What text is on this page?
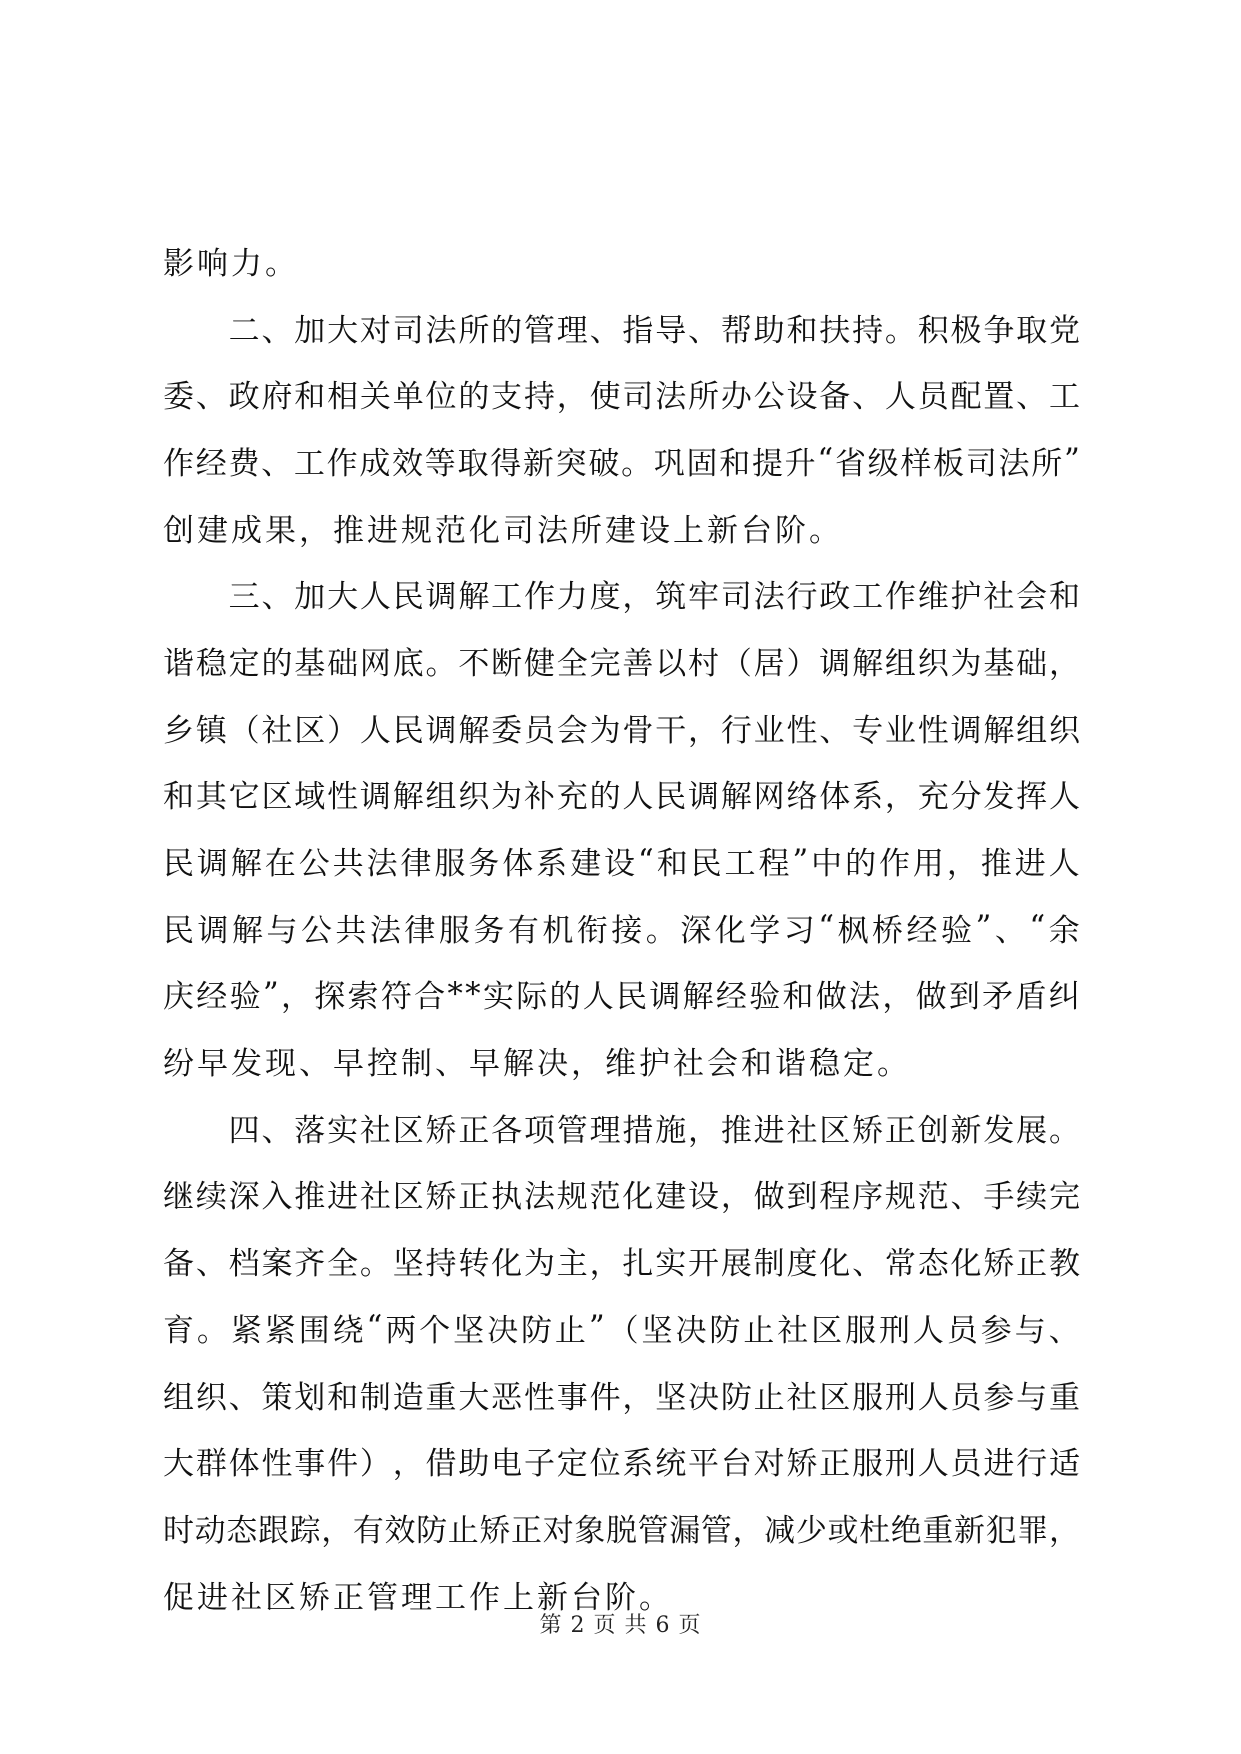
影响力。

二 、 加 大 对 司 法 所 的 管 理 、 指 导 、 帮 助 和 扶 持 。 积 极 争 取 党
委 、 政 府 和 相 关 单 位 的 支 持 ， 使 司 法 所 办 公 设 备 、 人 员 配 置 、 工
作 经 费 、 工 作 成 效 等 取 得 新 突 破 。 巩 固 和 提 升 “ 省 级 样 板 司 法 所 ”
创建成果，推进规范化司法所建设上新台阶。

三 、 加 大 人 民 调 解 工 作 力 度 ， 筑 牢 司 法 行 政 工 作 维 护 社 会 和
谐 稳 定 的 基 础 网 底 。 不 断 健 全 完 善 以 村 （ 居 ） 调 解 组 织 为 基 础 ，
乡 镇 （ 社 区 ） 人 民 调 解 委 员 会 为 骨 干 ， 行 业 性 、 专 业 性 调 解 组 织
和 其 它 区 域 性 调 解 组 织 为 补 充 的 人 民 调 解 网 络 体 系 ， 充 分 发 挥 人
民 调 解 在 公 共 法 律 服 务 体 系 建 设 “ 和 民 工 程 ” 中 的 作 用 ， 推 进 人
民 调 解 与 公 共 法 律 服 务 有 机 衔 接 。 深 化 学 习 “ 枫 桥 经 验 ” 、 “ 余
庆 经 验 ” ， 探 索 符 合 * * 实 际 的 人 民 调 解 经 验 和 做 法 ， 做 到 矛 盾 纠
纷早发现、早控制、早解决，维护社会和谐稳定。

四 、 落 实 社 区 矫 正 各 项 管 理 措 施 ， 推 进 社 区 矫 正 创 新 发 展 。
继 续 深 入 推 进 社 区 矫 正 执 法 规 范 化 建 设 ， 做 到 程 序 规 范 、 手 续 完
备 、 档 案 齐 全 。 坚 持 转 化 为 主 ， 扎 实 开 展 制 度 化 、 常 态 化 矫 正 教
育 。 紧 紧 围 绕 “ 两 个 坚 决 防 止 ” （ 坚 决 防 止 社 区 服 刑 人 员 参 与 、
组 织 、 策 划 和 制 造 重 大 恶 性 事 件 ， 坚 决 防 止 社 区 服 刑 人 员 参 与 重
大 群 体 性 事 件 ） ， 借 助 电 子 定 位 系 统 平 台 对 矫 正 服 刑 人 员 进 行 适
时 动 态 跟 踪 ， 有 效 防 止 矫 正 对 象 脱 管 漏 管 ， 减 少 或 杜 绝 重 新 犯 罪 ，
促进社区矫正管理工作上新台阶。
第 2 页 共 6 页
